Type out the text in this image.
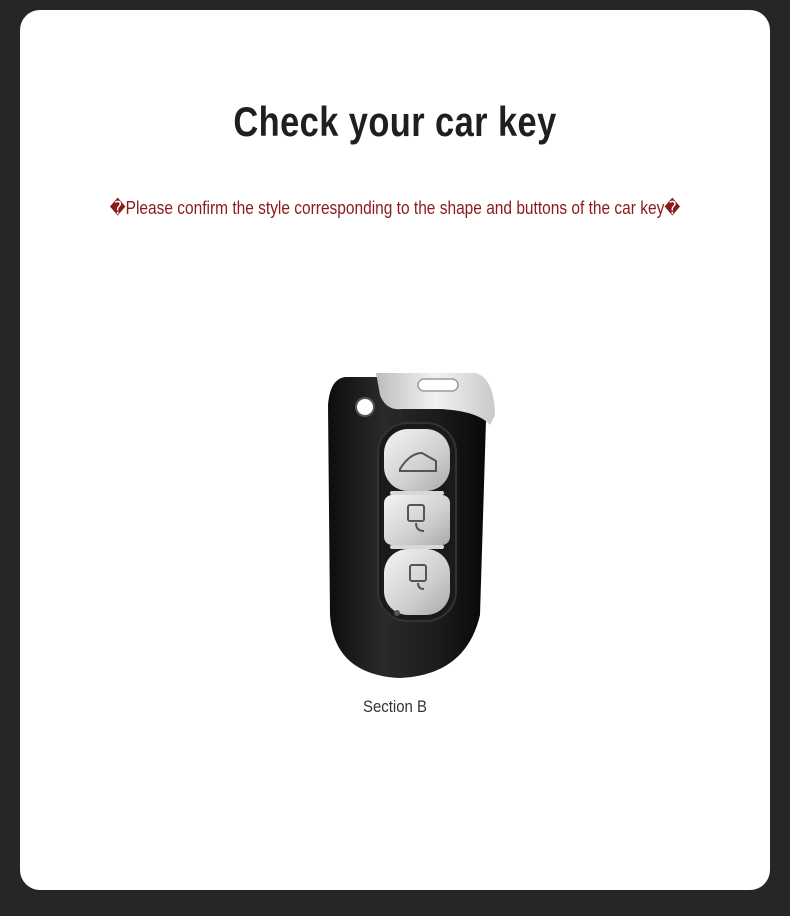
Check your car key

�Please confirm the style corresponding to the shape and buttons of the car key�

Section B
